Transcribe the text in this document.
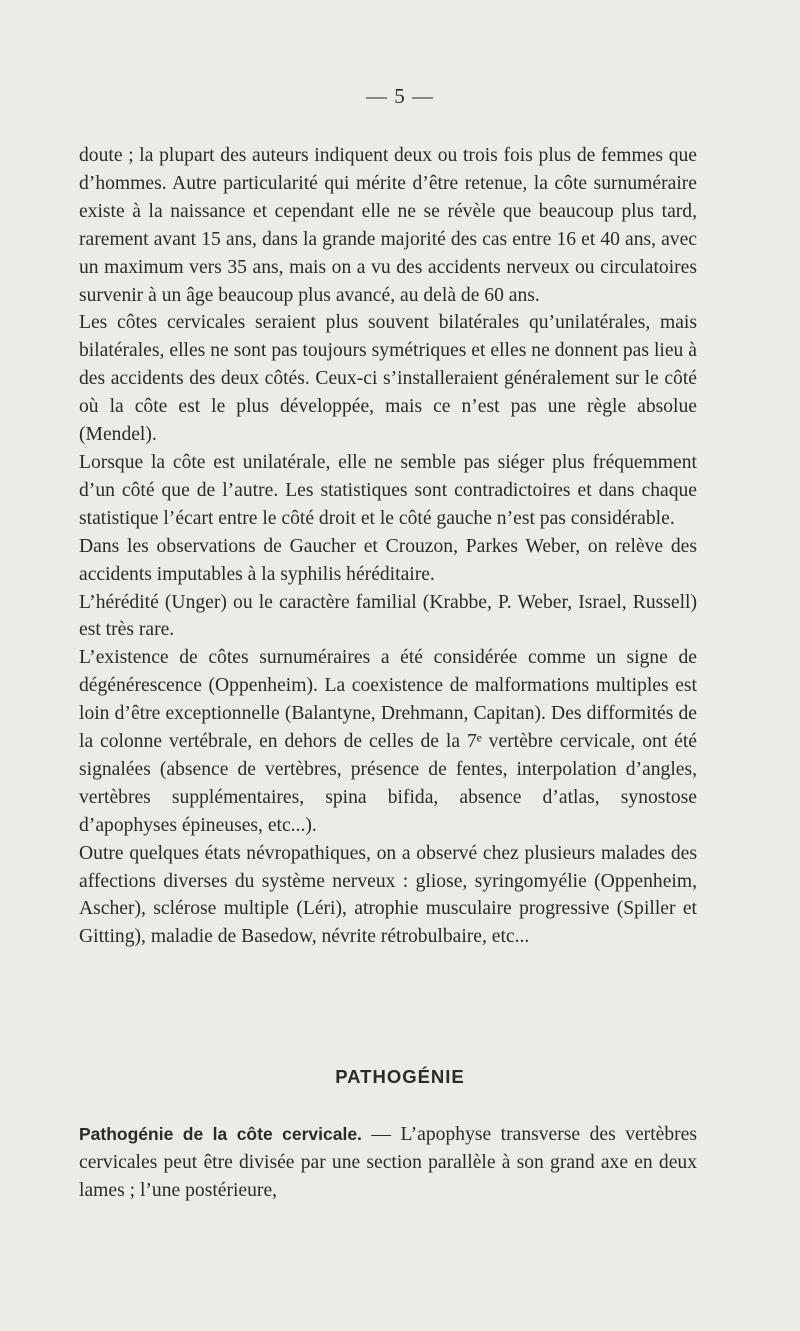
— 5 —

doute ; la plupart des auteurs indiquent deux ou trois fois plus de femmes que d’hommes. Autre particularité qui mérite d’être retenue, la côte surnuméraire existe à la naissance et cependant elle ne se révèle que beaucoup plus tard, rarement avant 15 ans, dans la grande majorité des cas entre 16 et 40 ans, avec un maximum vers 35 ans, mais on a vu des accidents nerveux ou circulatoires survenir à un âge beaucoup plus avancé, au delà de 60 ans.

Les côtes cervicales seraient plus souvent bilatérales qu’unilatérales, mais bilatérales, elles ne sont pas toujours symétriques et elles ne donnent pas lieu à des accidents des deux côtés. Ceux-ci s’installeraient généralement sur le côté où la côte est le plus développée, mais ce n’est pas une règle absolue (Mendel).

Lorsque la côte est unilatérale, elle ne semble pas siéger plus fréquemment d’un côté que de l’autre. Les statistiques sont contradictoires et dans chaque statistique l’écart entre le côté droit et le côté gauche n’est pas considérable.

Dans les observations de Gaucher et Crouzon, Parkes Weber, on relève des accidents imputables à la syphilis héréditaire.

L’hérédité (Unger) ou le caractère familial (Krabbe, P. Weber, Israel, Russell) est très rare.

L’existence de côtes surnuméraires a été considérée comme un signe de dégénérescence (Oppenheim). La coexistence de malformations multiples est loin d’être exceptionnelle (Balantyne, Drehmann, Capitan). Des difformités de la colonne vertébrale, en dehors de celles de la 7ᵉ vertèbre cervicale, ont été signalées (absence de vertèbres, présence de fentes, interpolation d’angles, vertèbres supplémentaires, spina bifida, absence d’atlas, synostose d’apophyses épineuses, etc...).

Outre quelques états névropathiques, on a observé chez plusieurs malades des affections diverses du système nerveux : gliose, syringomyélie (Oppenheim, Ascher), sclérose multiple (Léri), atrophie musculaire progressive (Spiller et Gitting), maladie de Basedow, névrite rétrobulbaire, etc...

PATHOGÉNIE
Pathogénie de la côte cervicale. — L’apophyse transverse des vertèbres cervicales peut être divisée par une section parallèle à son grand axe en deux lames ; l’une postérieure,
